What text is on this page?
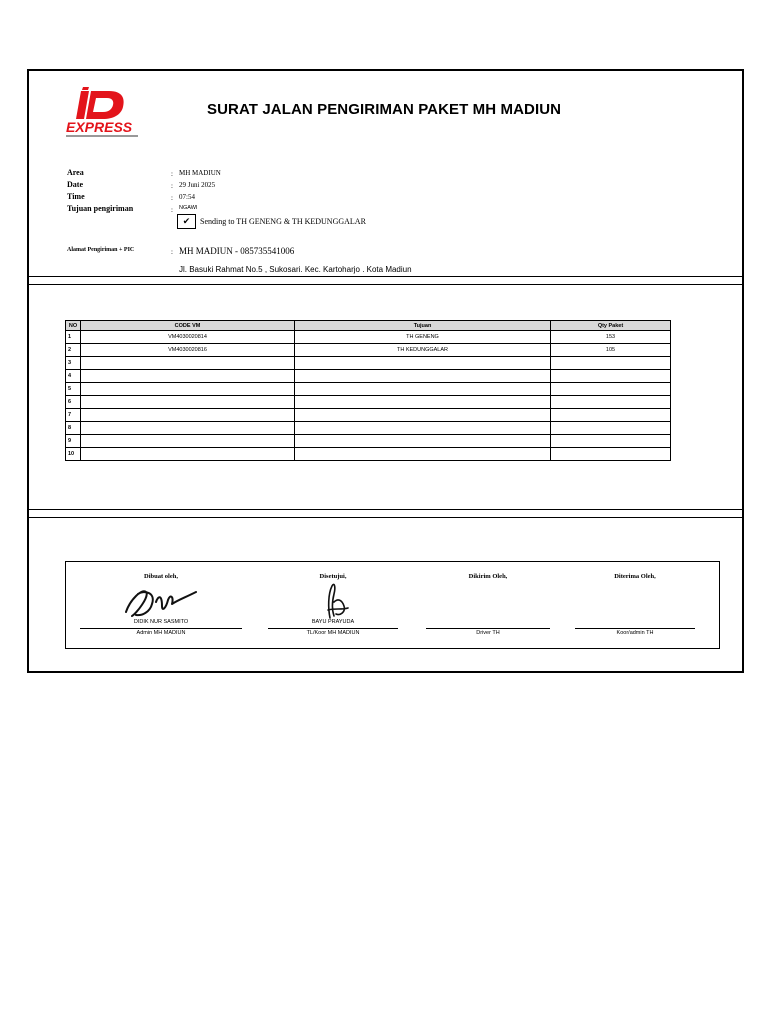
EXPRESS
SURAT JALAN PENGIRIMAN PAKET MH MADIUN
Area	: MH MADIUN
Date	: 29 Juni 2025
Time	: 07:54
Tujuan pengiriman	: NGAWI
✔	Sending to TH GENENG & TH KEDUNGGALAR
Alamat Pengiriman + PIC	: MH MADIUN - 085735541006
Jl. Basuki Rahmat No.5 , Sukosari. Kec. Kartoharjo . Kota Madiun
NO	CODE VM	Tujuan	Qty Paket
1	VM4030020814	TH GENENG	153
2	VM4030020816	TH KEDUNGGALAR	105
3			
4			
5			
6			
7			
8			
9			
10			
Dibuat oleh,
DIDIK NUR SASMITO
Admin MH MADIUN
Disetujui,
BAYU PRAYUDA
TL/Koor MH MADIUN
Dikirim Oleh,
Driver TH
Diterima Oleh,
Koor/admin TH
